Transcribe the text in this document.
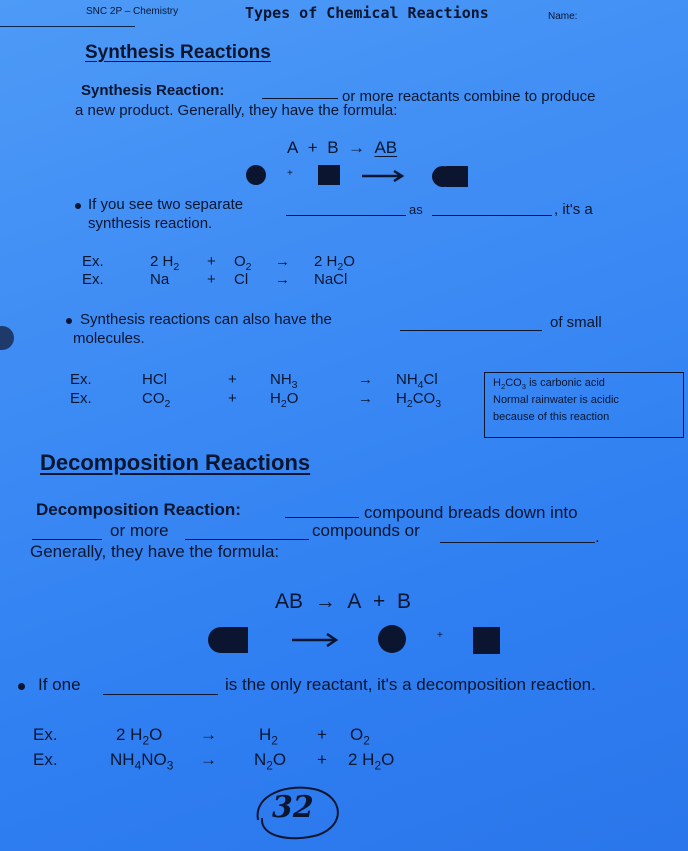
SNC 2P – Chemistry	Types of Chemical Reactions	Name:
Synthesis Reactions
Synthesis Reaction:	or more reactants combine to produce
a new product. Generally, they have the formula:
A + B → AB
+
If you see two separate	as	, it's a
synthesis reaction.
Ex.	2 $H_2 + O_2 \to 2$ $H_2O$
Ex.	Na	+ Cl → NaCl
Synthesis reactions can also have the	of small
molecules.
Ex.	HCl	+ $NH_3$	→ $NH_4Cl$
Ex.	$CO_2$	+ $H_2O$	→ $H_2CO_3$
$H_2CO_3$ is carbonic acid
Normal rainwater is acidic
because of this reaction
Decomposition Reactions
Decomposition Reaction:	compound breads down into
or more	compounds or	.
Generally, they have the formula:
AB → A + B
+
If one	is the only reactant, it's a decomposition reaction.
Ex.	2 $H_2O \to H_2 + O_2$
Ex.	$NH_4NO_3 \to N_2O + 2$ $H_2O$
32
